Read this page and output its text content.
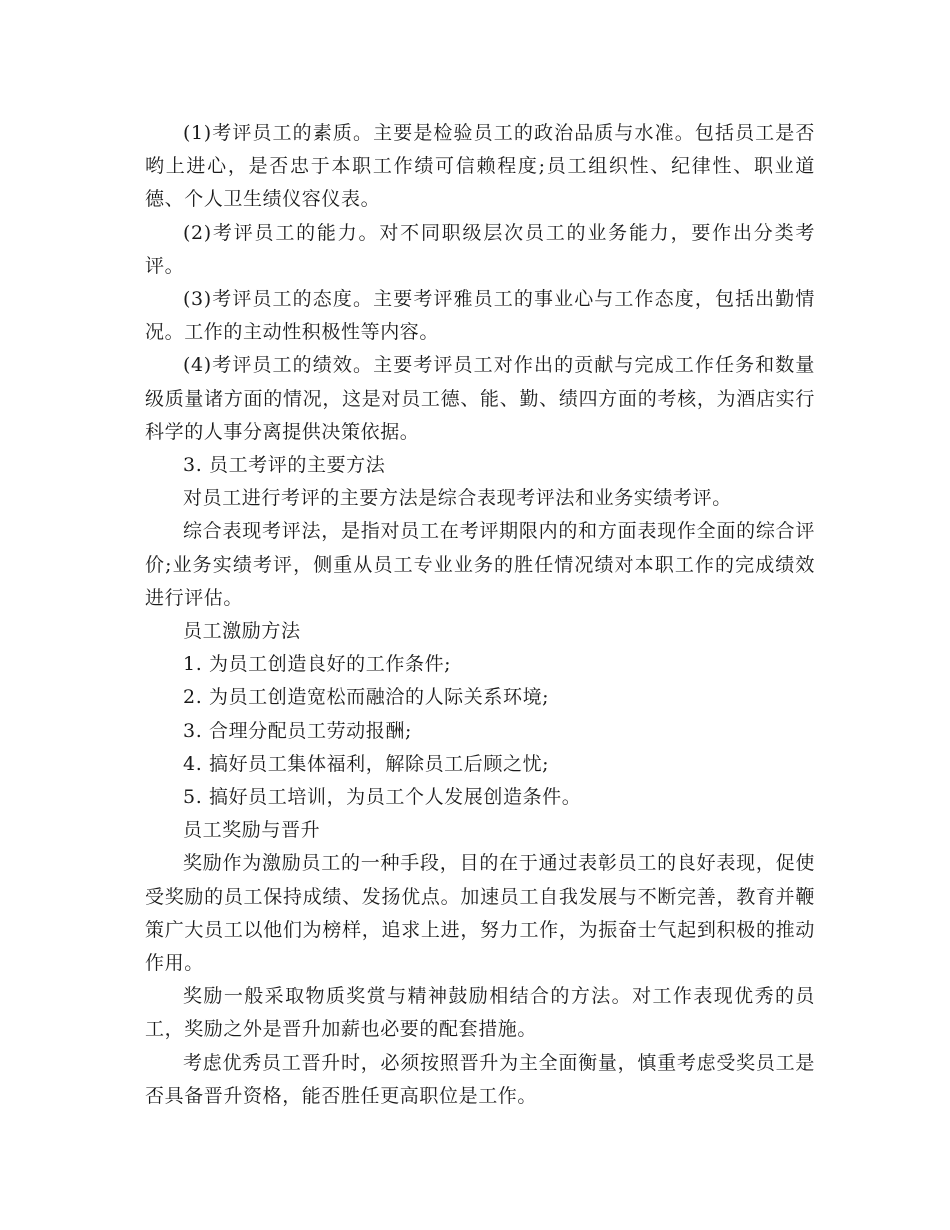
(1)考评员工的素质。主要是检验员工的政治品质与水准。包括员工是否哟上进心，是否忠于本职工作绩可信赖程度;员工组织性、纪律性、职业道德、个人卫生绩仪容仪表。

(2)考评员工的能力。对不同职级层次员工的业务能力，要作出分类考评。

(3)考评员工的态度。主要考评雅员工的事业心与工作态度，包括出勤情况。工作的主动性积极性等内容。

(4)考评员工的绩效。主要考评员工对作出的贡献与完成工作任务和数量级质量诸方面的情况，这是对员工德、能、勤、绩四方面的考核，为酒店实行科学的人事分离提供决策依据。

3. 员工考评的主要方法

对员工进行考评的主要方法是综合表现考评法和业务实绩考评。

综合表现考评法，是指对员工在考评期限内的和方面表现作全面的综合评价;业务实绩考评，侧重从员工专业业务的胜任情况绩对本职工作的完成绩效进行评估。

员工激励方法

1. 为员工创造良好的工作条件;

2. 为员工创造宽松而融洽的人际关系环境;

3. 合理分配员工劳动报酬;

4. 搞好员工集体福利，解除员工后顾之忧;

5. 搞好员工培训，为员工个人发展创造条件。

员工奖励与晋升

奖励作为激励员工的一种手段，目的在于通过表彰员工的良好表现，促使受奖励的员工保持成绩、发扬优点。加速员工自我发展与不断完善，教育并鞭策广大员工以他们为榜样，追求上进，努力工作，为振奋士气起到积极的推动作用。

奖励一般采取物质奖赏与精神鼓励相结合的方法。对工作表现优秀的员工，奖励之外是晋升加薪也必要的配套措施。

考虑优秀员工晋升时，必须按照晋升为主全面衡量，慎重考虑受奖员工是否具备晋升资格，能否胜任更高职位是工作。
